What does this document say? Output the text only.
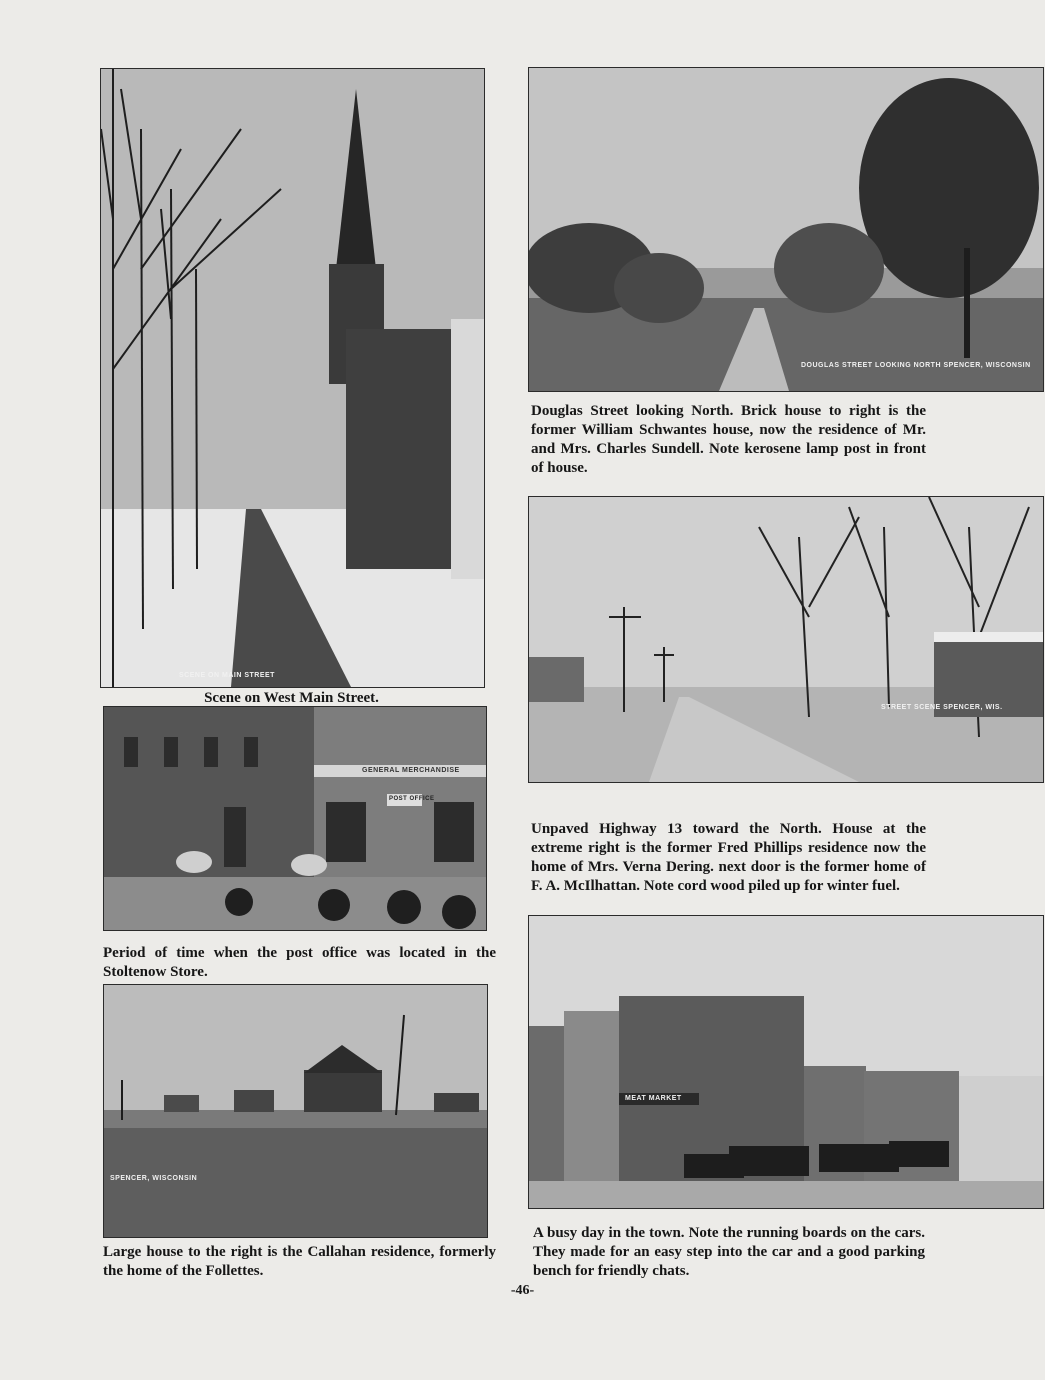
SCENE ON MAIN STREET
Scene on West Main Street.
DOUGLAS STREET LOOKING NORTH SPENCER, WISCONSIN
Douglas Street looking North. Brick house to right is the former William Schwantes house, now the residence of Mr. and Mrs. Charles Sundell. Note kerosene lamp post in front of house.
GENERAL MERCHANDISE
POST OFFICE
Period of time when the post office was located in the Stoltenow Store.
STREET SCENE SPENCER, WIS.
Unpaved Highway 13 toward the North. House at the extreme right is the former Fred Phillips residence now the home of Mrs. Verna Dering. next door is the former home of F. A. McIlhattan. Note cord wood piled up for winter fuel.
SPENCER, WISCONSIN
Large house to the right is the Callahan residence, formerly the home of the Follettes.
MEAT MARKET
A busy day in the town. Note the running boards on the cars. They made for an easy step into the car and a good parking bench for friendly chats.
-46-
